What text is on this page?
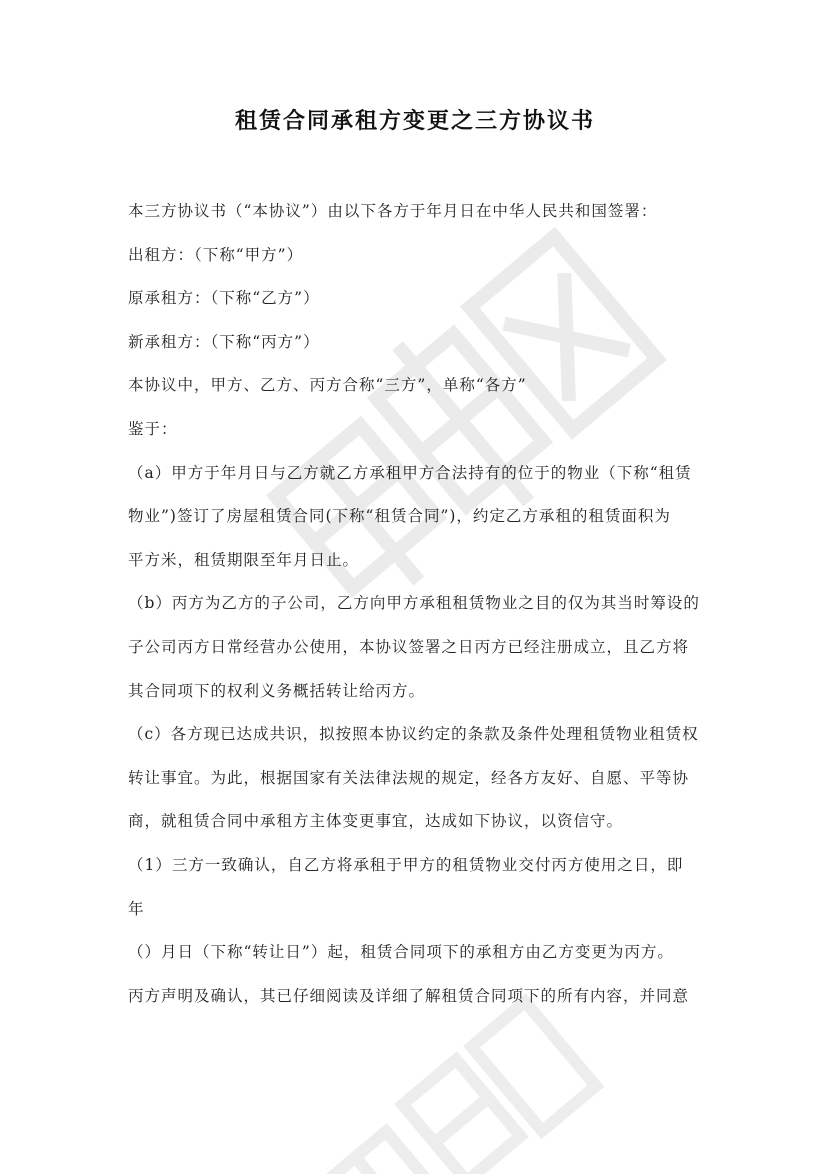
租赁合同承租方变更之三方协议书
本三方协议书（“本协议”）由以下各方于年月日在中华人民共和国签署：
出租方：（下称“甲方”）
原承租方：（下称“乙方”）
新承租方：（下称“丙方”）
本协议中，甲方、乙方、丙方合称“三方”，单称“各方”
鉴于：
（a）甲方于年月日与乙方就乙方承租甲方合法持有的位于的物业（下称“租赁
物业”)签订了房屋租赁合同(下称“租赁合同”)，约定乙方承租的租赁面积为
平方米，租赁期限至年月日止。
（b）丙方为乙方的子公司，乙方向甲方承租租赁物业之目的仅为其当时筹设的
子公司丙方日常经营办公使用，本协议签署之日丙方已经注册成立，且乙方将
其合同项下的权利义务概括转让给丙方。
（c）各方现已达成共识，拟按照本协议约定的条款及条件处理租赁物业租赁权
转让事宜。为此，根据国家有关法律法规的规定，经各方友好、自愿、平等协
商，就租赁合同中承租方主体变更事宜，达成如下协议，以资信守。
（1）三方一致确认，自乙方将承租于甲方的租赁物业交付丙方使用之日，即
年
（）月日（下称“转让日”）起，租赁合同项下的承租方由乙方变更为丙方。
丙方声明及确认，其已仔细阅读及详细了解租赁合同项下的所有内容，并同意
